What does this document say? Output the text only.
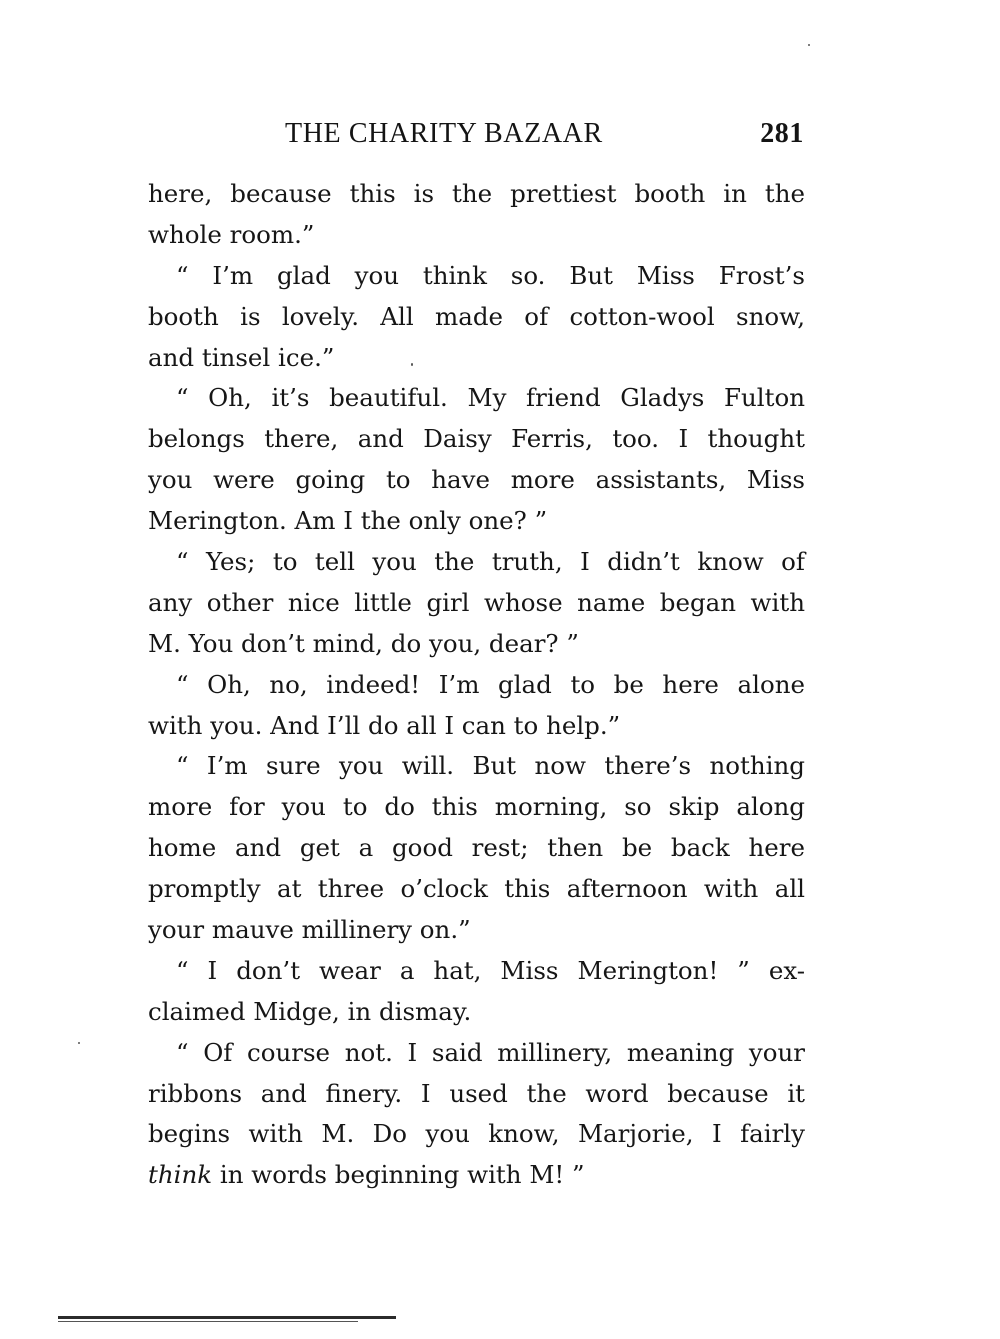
THE CHARITY BAZAAR	281
here, because this is the prettiest booth in the
whole room.”
“ I’m glad you think so. But Miss Frost’s
booth is lovely. All made of cotton-wool snow,
and tinsel ice.”
“ Oh, it’s beautiful. My friend Gladys Fulton
belongs there, and Daisy Ferris, too. I thought
you were going to have more assistants, Miss
Merington. Am I the only one? ”
“ Yes; to tell you the truth, I didn’t know of
any other nice little girl whose name began with
M. You don’t mind, do you, dear? ”
“ Oh, no, indeed! I’m glad to be here alone
with you. And I’ll do all I can to help.”
“ I’m sure you will. But now there’s nothing
more for you to do this morning, so skip along
home and get a good rest; then be back here
promptly at three o’clock this afternoon with all
your mauve millinery on.”
“ I don’t wear a hat, Miss Merington! ” ex-
claimed Midge, in dismay.
“ Of course not. I said millinery, meaning your
ribbons and finery. I used the word because it
begins with M. Do you know, Marjorie, I fairly
think in words beginning with M! ”
